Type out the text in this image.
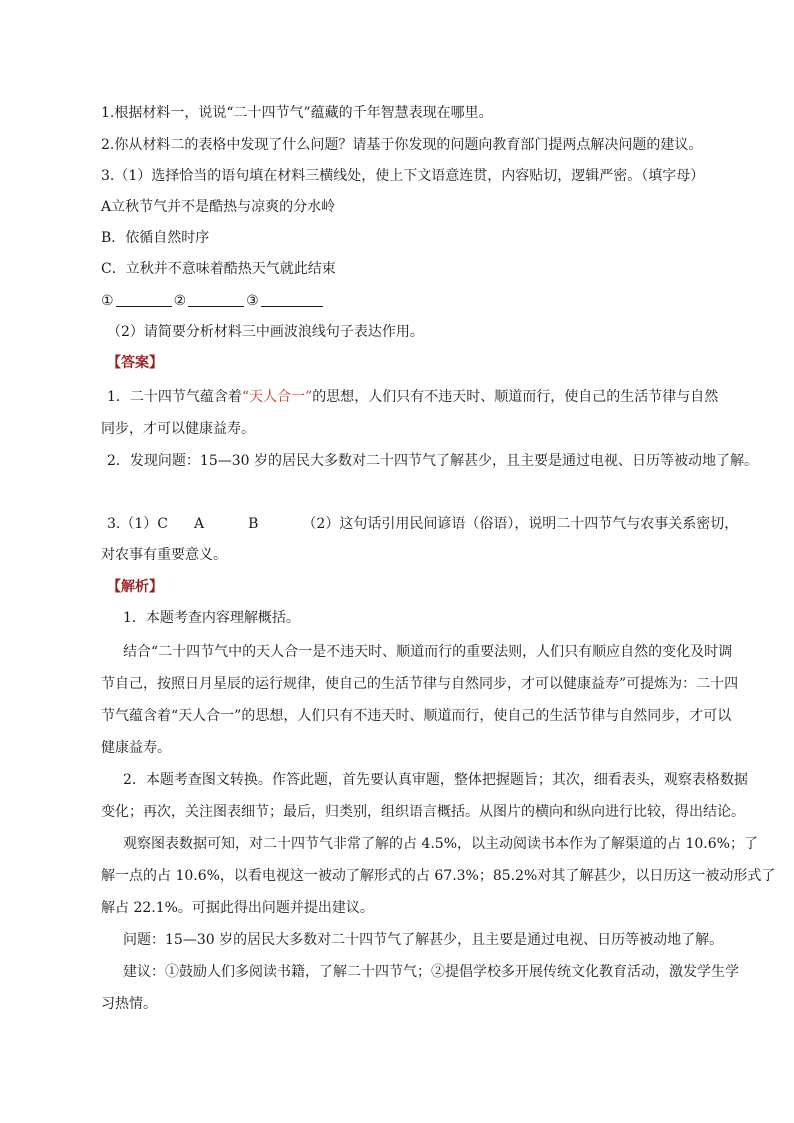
1.根据材料一，说说“二十四节气”蕴藏的千年智慧表现在哪里。
2.你从材料二的表格中发现了什么问题？请基于你发现的问题向教育部门提两点解决问题的建议。
3.（1）选择恰当的语句填在材料三横线处，使上下文语意连贯，内容贴切，逻辑严密。（填字母）
A立秋节气并不是酷热与凉爽的分水岭
B．依循自然时序
C．立秋并不意味着酷热天气就此结束
①	②	③
（2）请简要分析材料三中画波浪线句子表达作用。
【答案】
1．二十四节气蕴含着“天人合一”的思想，人们只有不违天时、顺道而行，使自己的生活节律与自然
同步，才可以健康益寿。
2．发现问题：15—30 岁的居民大多数对二十四节气了解甚少，且主要是通过电视、日历等被动地了解。
3.（1）C A	B	（2）这句话引用民间谚语（俗语），说明二十四节气与农事关系密切，
对农事有重要意义。
【解析】
1．本题考查内容理解概括。
结合“二十四节气中的天人合一是不违天时、顺道而行的重要法则，人们只有顺应自然的变化及时调
节自己，按照日月星辰的运行规律，使自己的生活节律与自然同步，才可以健康益寿”可提炼为：二十四
节气蕴含着“天人合一”的思想，人们只有不违天时、顺道而行，使自己的生活节律与自然同步，才可以
健康益寿。
2．本题考查图文转换。作答此题，首先要认真审题，整体把握题旨；其次，细看表头，观察表格数据
变化；再次，关注图表细节；最后，归类别，组织语言概括。从图片的横向和纵向进行比较，得出结论。
观察图表数据可知，对二十四节气非常了解的占 4.5%，以主动阅读书本作为了解渠道的占 10.6%；了
解一点的占 10.6%，以看电视这一被动了解形式的占 67.3%；85.2%对其了解甚少，以日历这一被动形式了
解占 22.1%。可据此得出问题并提出建议。
问题：15—30 岁的居民大多数对二十四节气了解甚少，且主要是通过电视、日历等被动地了解。
建议：①鼓励人们多阅读书籍，了解二十四节气；②提倡学校多开展传统文化教育活动，激发学生学
习热情。
